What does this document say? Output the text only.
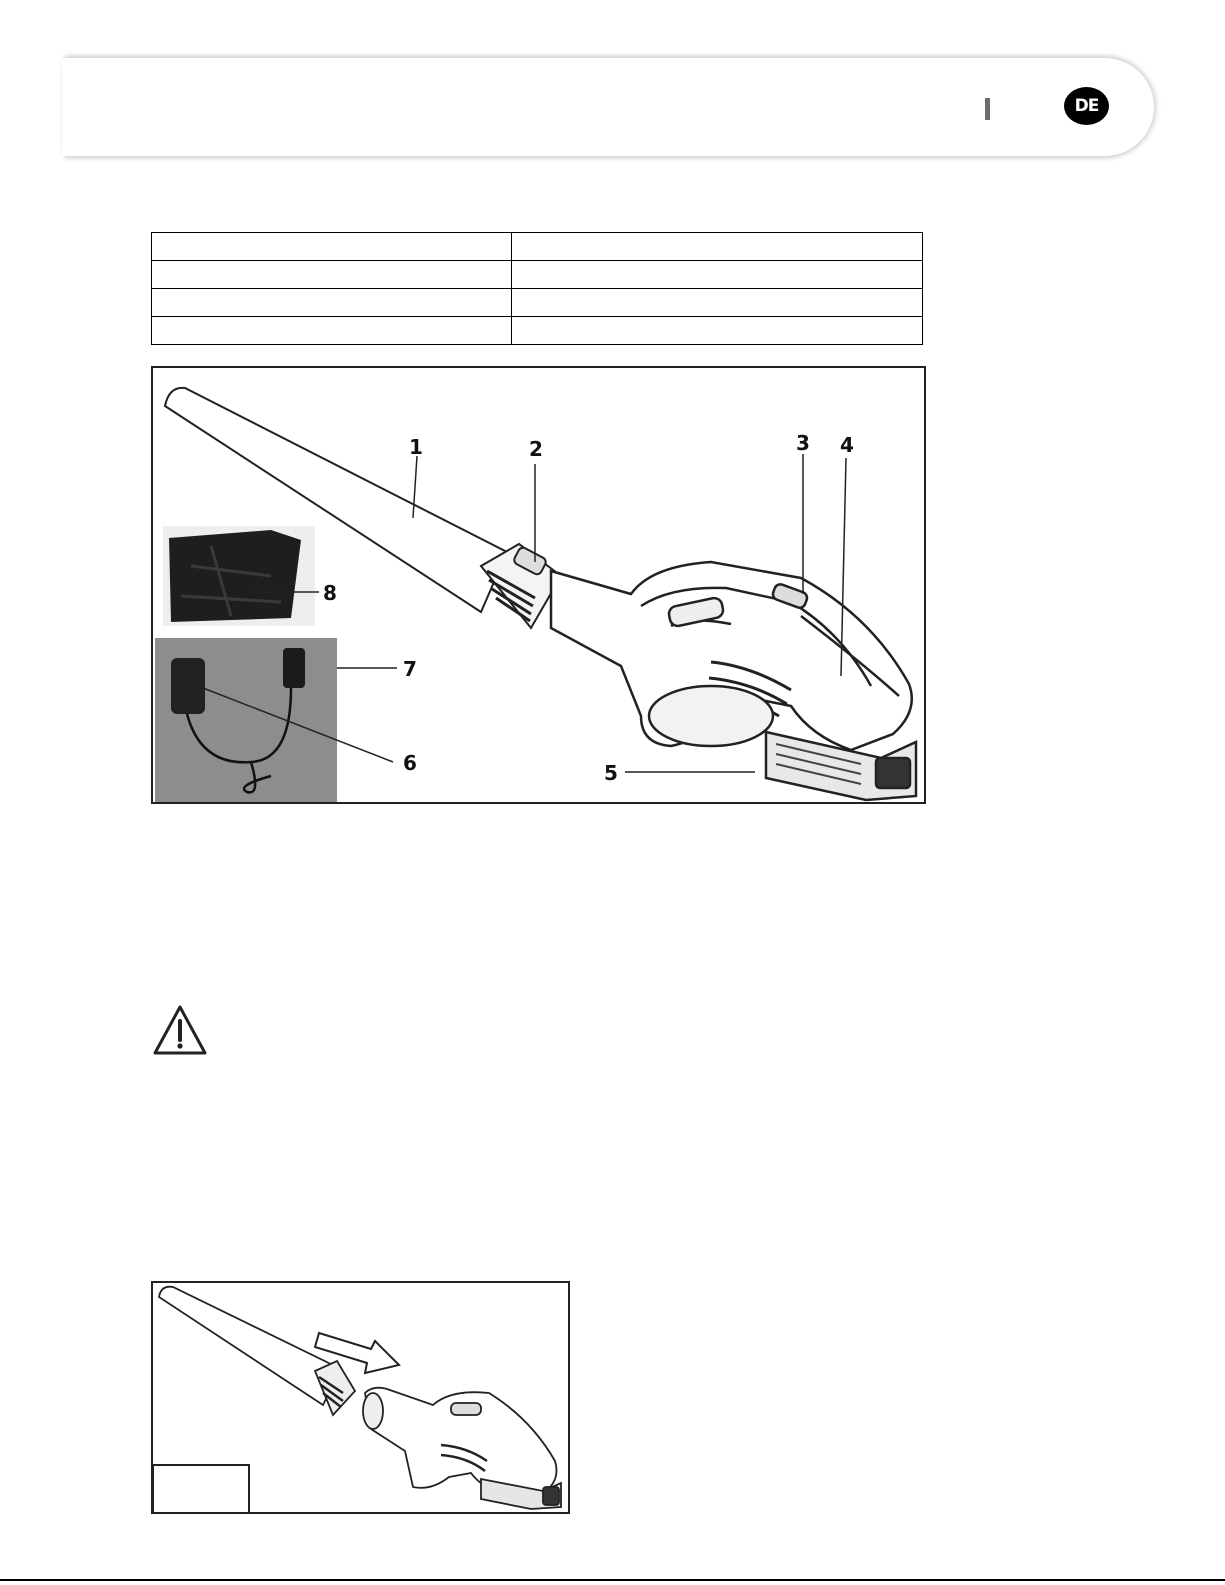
DE

1	2	3 4
5
6
7
8
